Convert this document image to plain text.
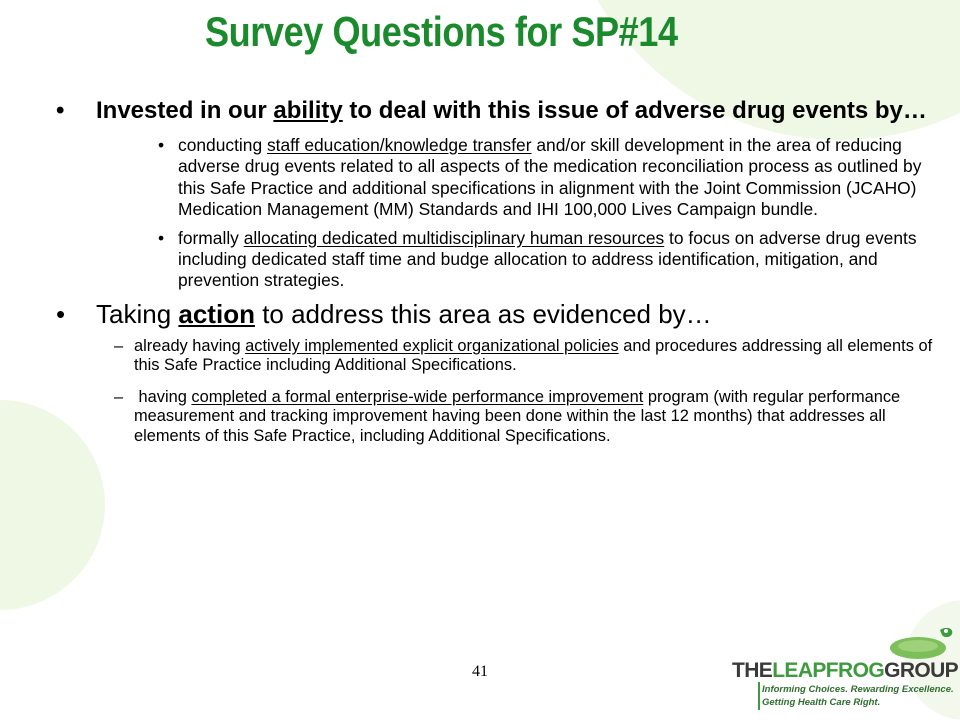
Survey Questions for SP#14
• Invested in our ability to deal with this issue of adverse drug events by…
• conducting staff education/knowledge transfer and/or skill development in the area of reducing adverse drug events related to all aspects of the medication reconciliation process as outlined by this Safe Practice and additional specifications in alignment with the Joint Commission (JCAHO) Medication Management (MM) Standards and IHI 100,000 Lives Campaign bundle.
• formally allocating dedicated multidisciplinary human resources to focus on adverse drug events including dedicated staff time and budge allocation to address identification, mitigation, and prevention strategies.
• Taking action to address this area as evidenced by…
– already having actively implemented explicit organizational policies and procedures addressing all elements of this Safe Practice including Additional Specifications.
– having completed a formal enterprise-wide performance improvement program (with regular performance measurement and tracking improvement having been done within the last 12 months) that addresses all elements of this Safe Practice, including Additional Specifications.
41	THELEAPFROGGROUP
Informing Choices. Rewarding Excellence.
Getting Health Care Right.
